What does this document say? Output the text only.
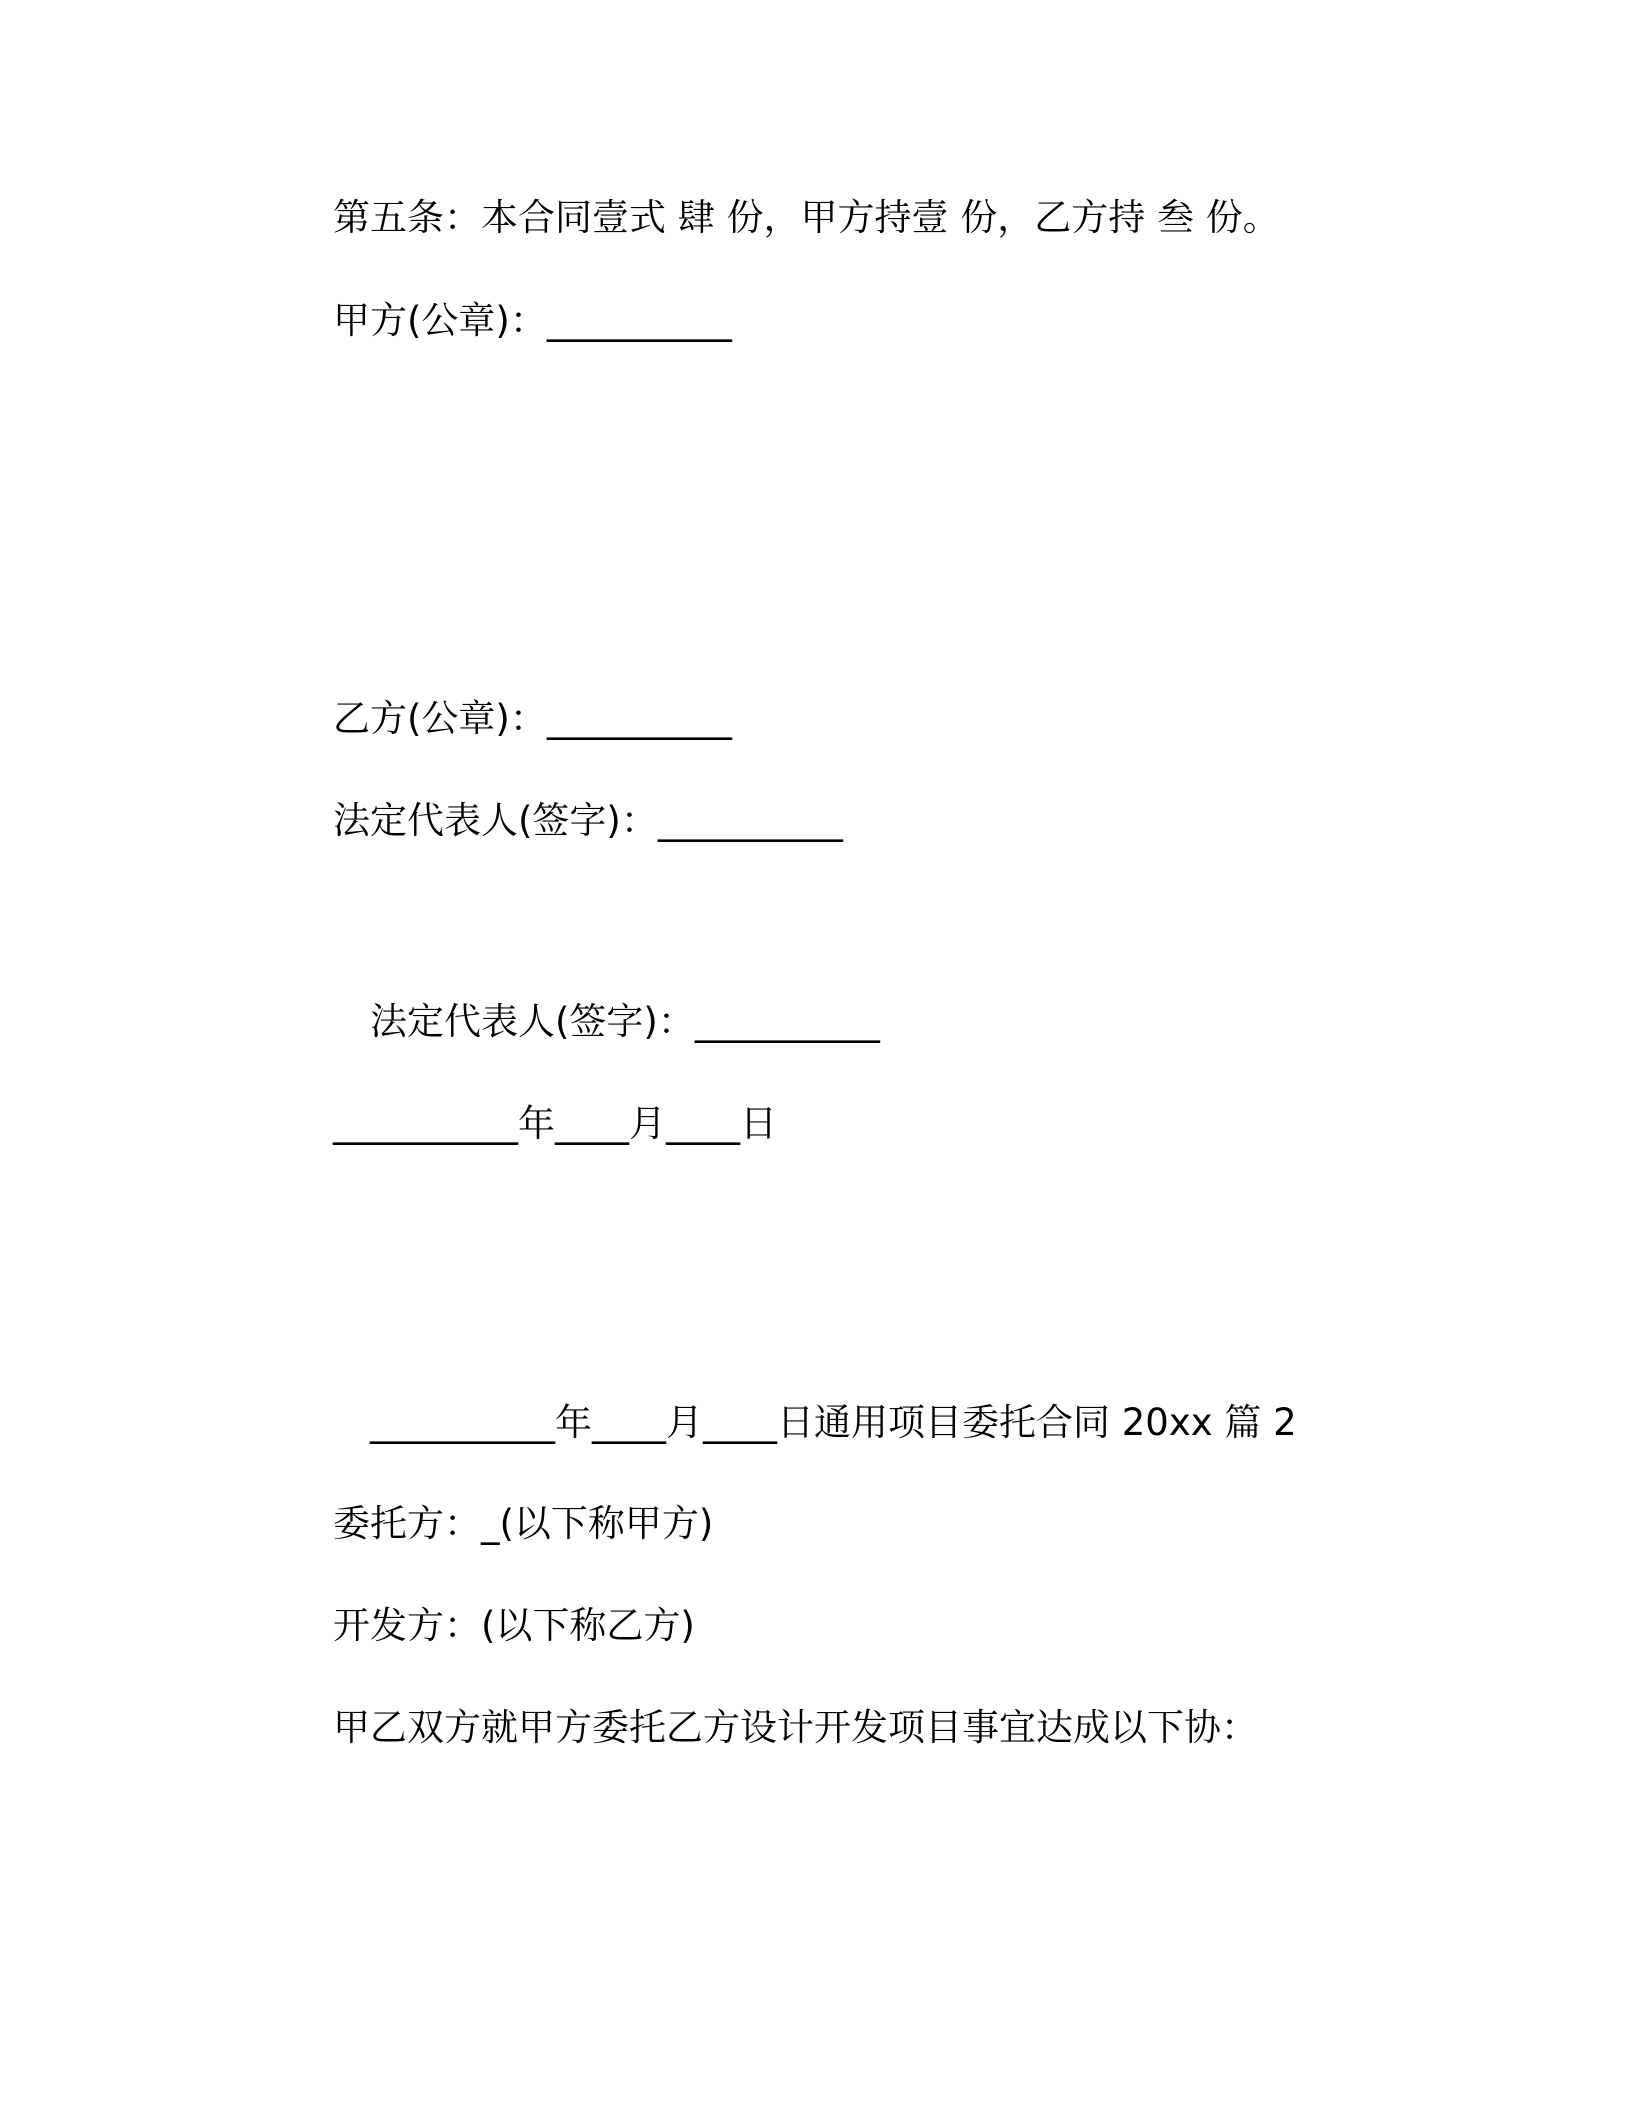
第五条：本合同壹式 肆 份，甲方持壹 份，乙方持 叁 份。
甲方(公章)：__________
乙方(公章)：__________
法定代表人(签字)：__________
法定代表人(签字)：__________
__________年____月____日
__________年____月____日通用项目委托合同 20xx 篇 2
委托方：_(以下称甲方)
开发方：(以下称乙方)
甲乙双方就甲方委托乙方设计开发项目事宜达成以下协：
